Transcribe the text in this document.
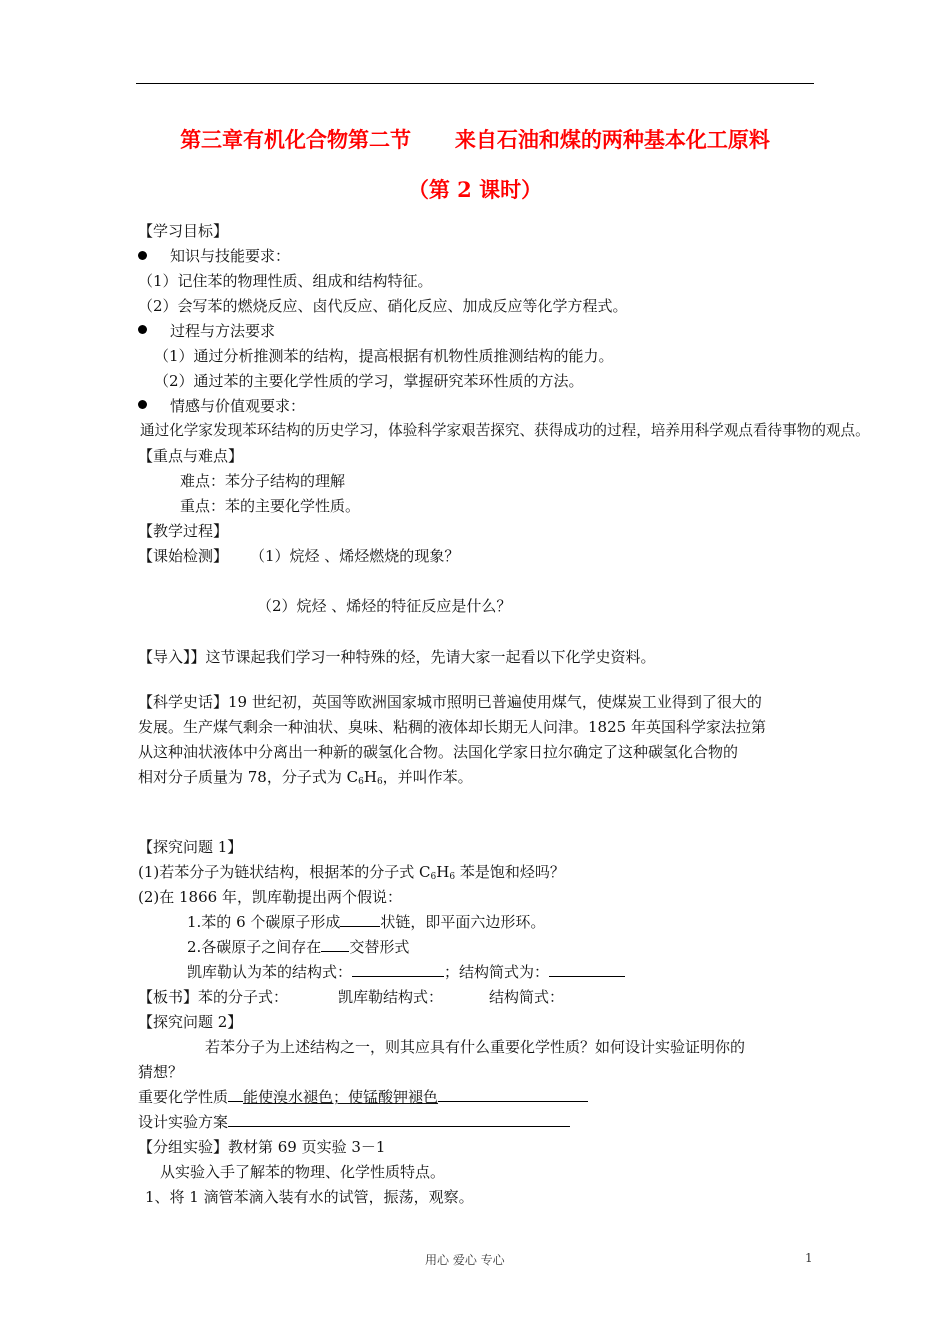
第三章有机化合物第二节      来自石油和煤的两种基本化工原料
（第 2 课时）
【学习目标】
知识与技能要求：
（1）记住苯的物理性质、组成和结构特征。
（2）会写苯的燃烧反应、卤代反应、硝化反应、加成反应等化学方程式。
过程与方法要求
（1）通过分析推测苯的结构，提高根据有机物性质推测结构的能力。
（2）通过苯的主要化学性质的学习，掌握研究苯环性质的方法。
情感与价值观要求：
通过化学家发现苯环结构的历史学习，体验科学家艰苦探究、获得成功的过程，培养用科学观点看待事物的观点。
【重点与难点】
难点：苯分子结构的理解
重点：苯的主要化学性质。
【教学过程】
【课始检测】 （1）烷烃 、烯烃燃烧的现象？
（2）烷烃 、烯烃的特征反应是什么？
【导入】】这节课起我们学习一种特殊的烃，先请大家一起看以下化学史资料。
【科学史话】19 世纪初，英国等欧洲国家城市照明已普遍使用煤气，使煤炭工业得到了很大的
发展。生产煤气剩余一种油状、臭味、粘稠的液体却长期无人问津。1825 年英国科学家法拉第
从这种油状液体中分离出一种新的碳氢化合物。法国化学家日拉尔确定了这种碳氢化合物的
相对分子质量为 78，分子式为 $C_6H_6$，并叫作苯。
【探究问题 1】
(1)若苯分子为链状结构，根据苯的分子式 $C_6H_6$ 苯是饱和烃吗？
(2)在 1866 年，凯库勒提出两个假说：
1.苯的 6 个碳原子形成	状链，即平面六边形环。
2.各碳原子之间存在 交替形式
凯库勒认为苯的结构式：	；结构简式为：
【板书】苯的分子式：	凯库勒结构式：	结构简式：
【探究问题 2】
若苯分子为上述结构之一，则其应具有什么重要化学性质？如何设计实验证明你的
猜想？
重要化学性质 能使溴水褪色；使锰酸钾褪色
设计实验方案
【分组实验】教材第 69 页实验 3－1
从实验入手了解苯的物理、化学性质特点。
1、将 1 滴管苯滴入装有水的试管，振荡，观察。
用心 爱心 专心	1
